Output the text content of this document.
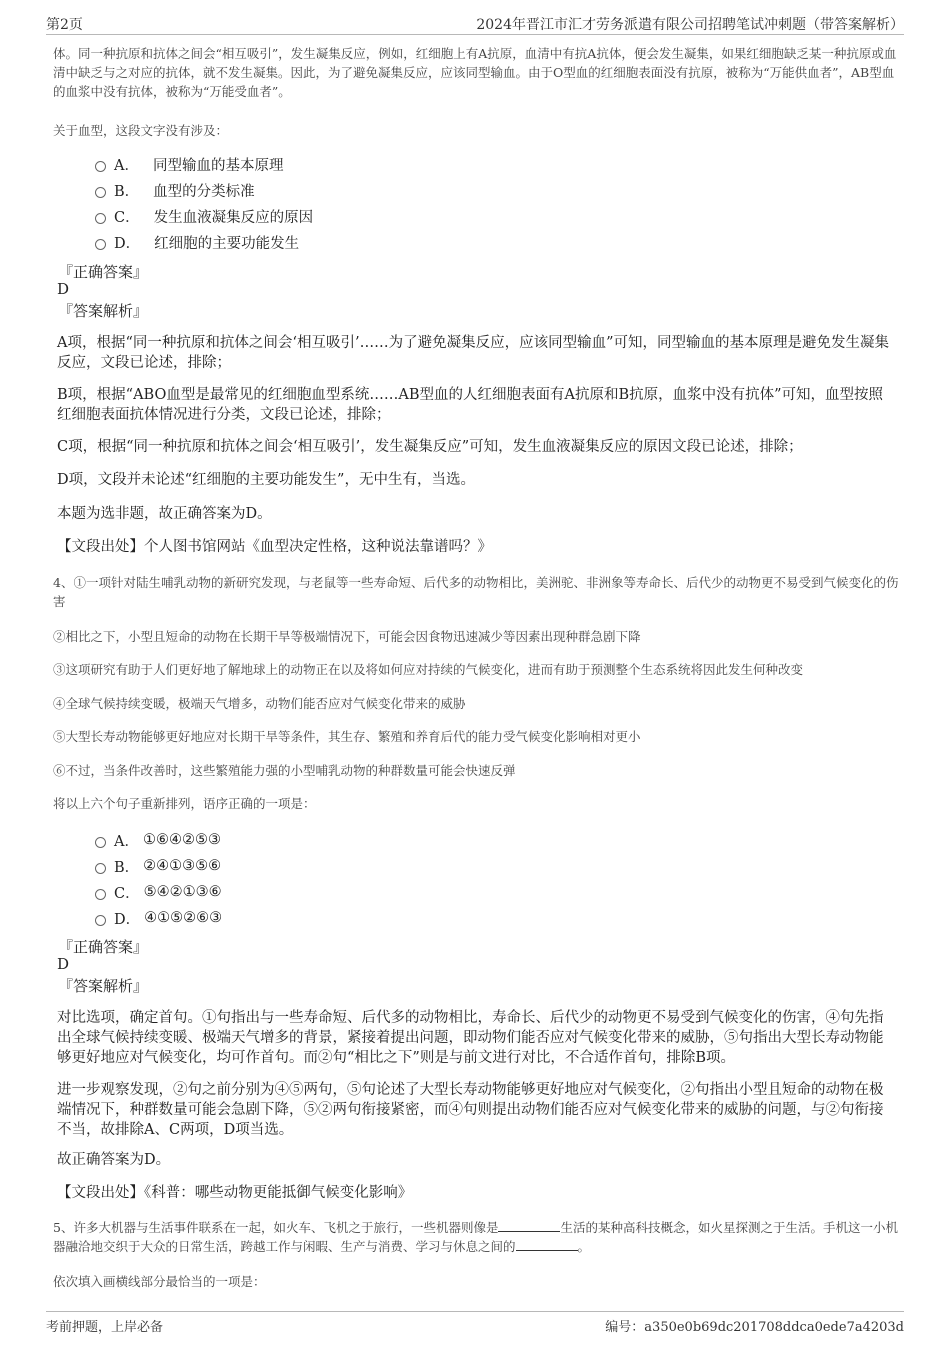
第2页	2024年晋江市汇才劳务派遣有限公司招聘笔试冲刺题（带答案解析）
体。同一种抗原和抗体之间会“相互吸引”，发生凝集反应，例如，红细胞上有A抗原，血清中有抗A抗体，便会发生凝集，如果红细胞缺乏某一种抗原或血清中缺乏与之对应的抗体，就不发生凝集。因此，为了避免凝集反应，应该同型输血。由于O型血的红细胞表面没有抗原，被称为“万能供血者”，AB型血的血浆中没有抗体，被称为“万能受血者”。
关于血型，这段文字没有涉及：
A． 同型输血的基本原理
B． 血型的分类标准
C． 发生血液凝集反应的原因
D． 红细胞的主要功能发生
『正确答案』
D
『答案解析』
A项，根据“同一种抗原和抗体之间会‘相互吸引’……为了避免凝集反应，应该同型输血”可知，同型输血的基本原理是避免发生凝集反应，文段已论述，排除；
B项，根据“ABO血型是最常见的红细胞血型系统……AB型血的人红细胞表面有A抗原和B抗原，血浆中没有抗体”可知，血型按照红细胞表面抗体情况进行分类，文段已论述，排除；
C项，根据“同一种抗原和抗体之间会‘相互吸引’，发生凝集反应”可知，发生血液凝集反应的原因文段已论述，排除；
D项，文段并未论述“红细胞的主要功能发生”，无中生有，当选。
本题为选非题，故正确答案为D。
【文段出处】个人图书馆网站《血型决定性格，这种说法靠谱吗？》
4、①一项针对陆生哺乳动物的新研究发现，与老鼠等一些寿命短、后代多的动物相比，美洲驼、非洲象等寿命长、后代少的动物更不易受到气候变化的伤害
②相比之下，小型且短命的动物在长期干旱等极端情况下，可能会因食物迅速减少等因素出现种群急剧下降
③这项研究有助于人们更好地了解地球上的动物正在以及将如何应对持续的气候变化，进而有助于预测整个生态系统将因此发生何种改变
④全球气候持续变暖，极端天气增多，动物们能否应对气候变化带来的威胁
⑤大型长寿动物能够更好地应对长期干旱等条件，其生存、繁殖和养育后代的能力受气候变化影响相对更小
⑥不过，当条件改善时，这些繁殖能力强的小型哺乳动物的种群数量可能会快速反弹
将以上六个句子重新排列，语序正确的一项是：
A． ①⑥④②⑤③
B． ②④①③⑤⑥
C． ⑤④②①③⑥
D． ④①⑤②⑥③
『正确答案』
D
『答案解析』
对比选项，确定首句。①句指出与一些寿命短、后代多的动物相比，寿命长、后代少的动物更不易受到气候变化的伤害，④句先指出全球气候持续变暖、极端天气增多的背景，紧接着提出问题，即动物们能否应对气候变化带来的威胁，⑤句指出大型长寿动物能够更好地应对气候变化，均可作首句。而②句“相比之下”则是与前文进行对比，不合适作首句，排除B项。
进一步观察发现，②句之前分别为④⑤两句，⑤句论述了大型长寿动物能够更好地应对气候变化，②句指出小型且短命的动物在极端情况下，种群数量可能会急剧下降，⑤②两句衔接紧密，而④句则提出动物们能否应对气候变化带来的威胁的问题，与②句衔接不当，故排除A、C两项，D项当选。
故正确答案为D。
【文段出处】《科普：哪些动物更能抵御气候变化影响》
5、许多大机器与生活事件联系在一起，如火车、飞机之于旅行，一些机器则像是	生活的某种高科技概念，如火星探测之于生活。手机这一小机器融洽地交织于大众的日常生活，跨越工作与闲暇、生产与消费、学习与休息之间的	。
依次填入画横线部分最恰当的一项是：
考前押题，上岸必备	编号：a350e0b69dc201708ddca0ede7a4203d
